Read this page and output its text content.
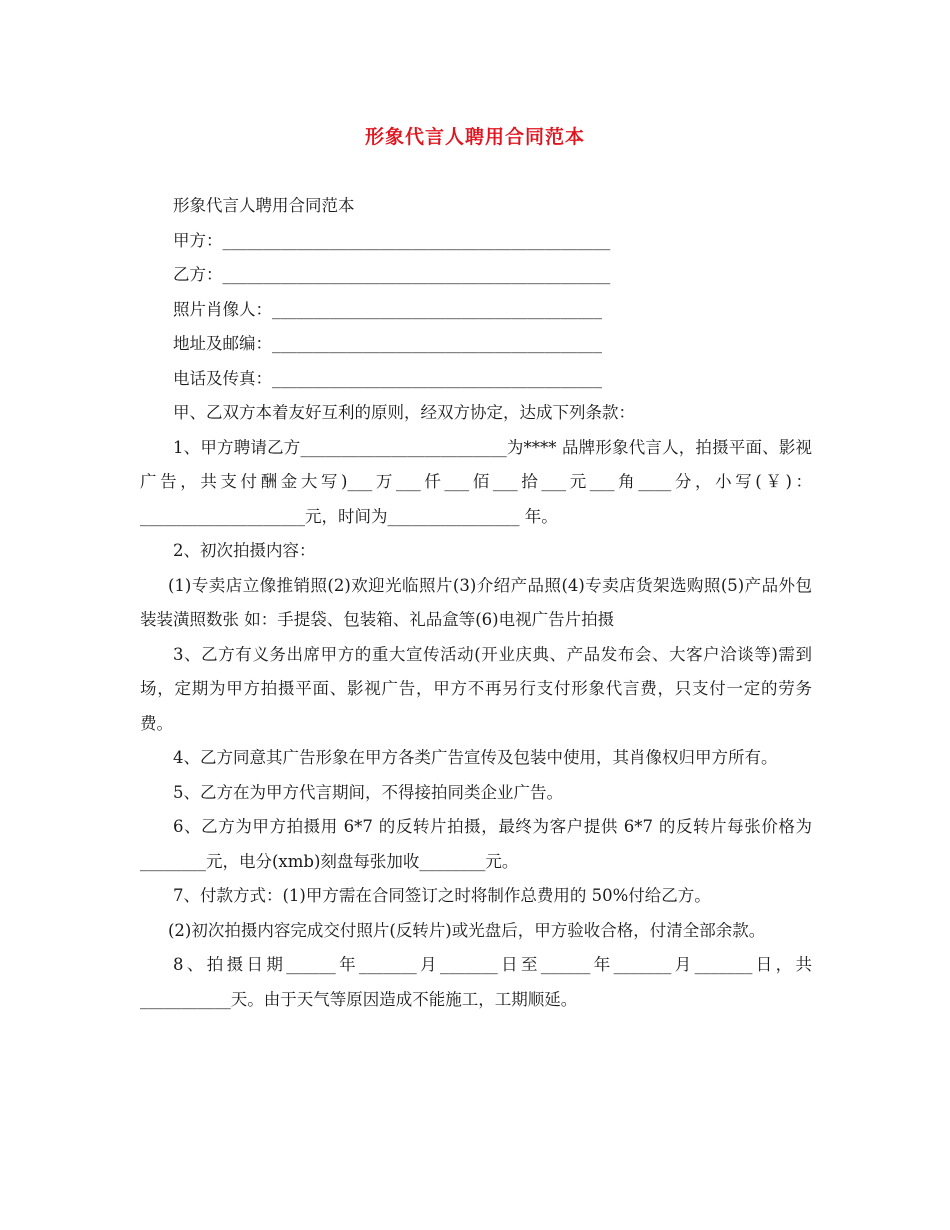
形象代言人聘用合同范本
形象代言人聘用合同范本
甲方：_______________________________________________
乙方：_______________________________________________
照片肖像人：________________________________________
地址及邮编：________________________________________
电话及传真：________________________________________
甲、乙双方本着友好互利的原则，经双方协定，达成下列条款：

1、甲方聘请乙方_________________________为**** 品牌形象代言人，拍摄平面、影视广告，共支付酬金大写)___万___仟___佰___拾___元___角____分，小写(￥)：____________________元，时间为________________ 年。

2、初次拍摄内容：

(1)专卖店立像推销照(2)欢迎光临照片(3)介绍产品照(4)专卖店货架选购照(5)产品外包装装潢照数张 如：手提袋、包装箱、礼品盒等(6)电视广告片拍摄

3、乙方有义务出席甲方的重大宣传活动(开业庆典、产品发布会、大客户洽谈等)需到场，定期为甲方拍摄平面、影视广告，甲方不再另行支付形象代言费，只支付一定的劳务费。

4、乙方同意其广告形象在甲方各类广告宣传及包装中使用，其肖像权归甲方所有。

5、乙方在为甲方代言期间，不得接拍同类企业广告。

6、乙方为甲方拍摄用 6*7 的反转片拍摄，最终为客户提供 6*7 的反转片每张价格为________元，电分(xmb)刻盘每张加收________元。

7、付款方式：(1)甲方需在合同签订之时将制作总费用的 50%付给乙方。

(2)初次拍摄内容完成交付照片(反转片)或光盘后，甲方验收合格，付清全部余款。

8、拍摄日期______年_______月_______日至______年_______月_______日，共___________天。由于天气等原因造成不能施工，工期顺延。
